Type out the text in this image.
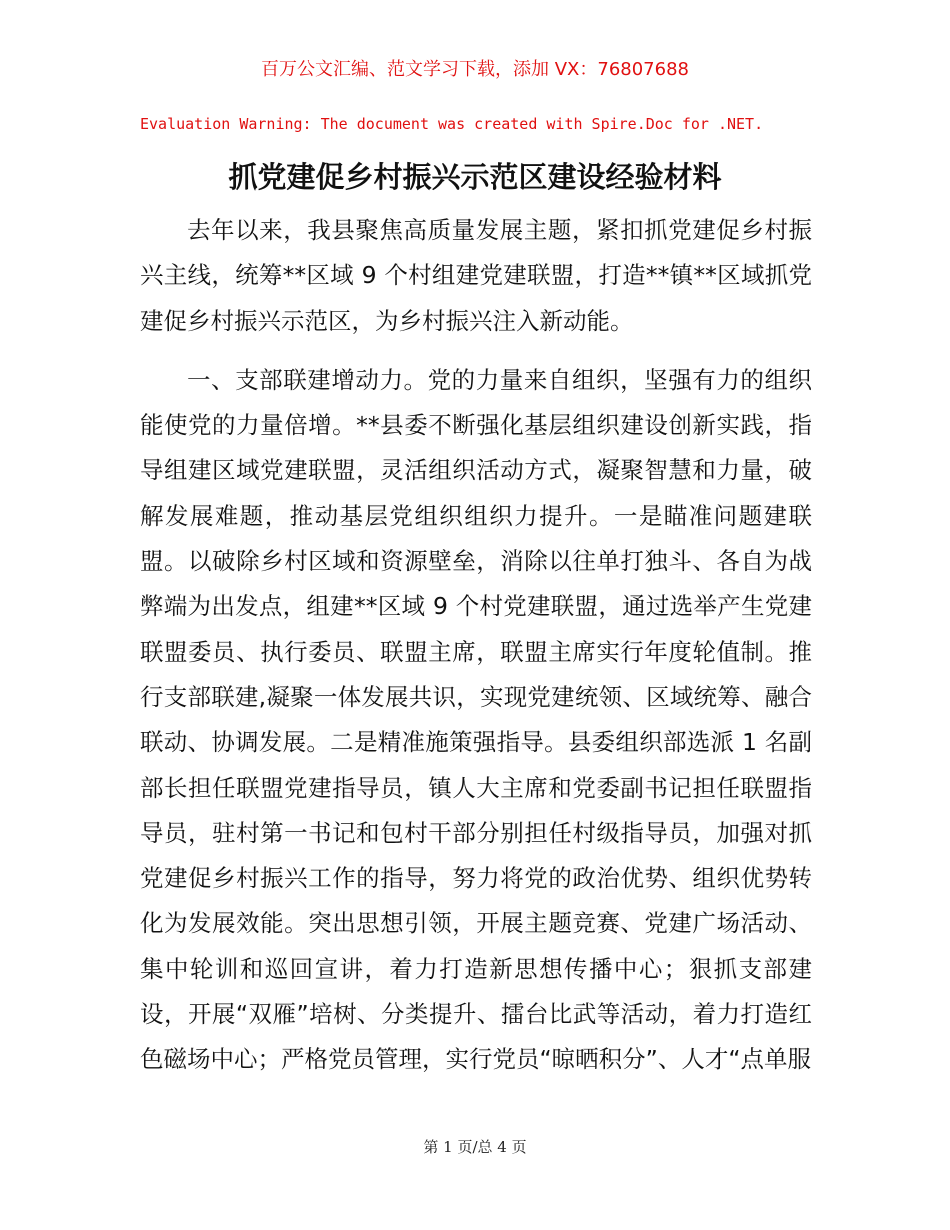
百万公文汇编、范文学习下载，添加 VX：76807688
Evaluation Warning: The document was created with Spire.Doc for .NET.
抓党建促乡村振兴示范区建设经验材料

去年以来，我县聚焦高质量发展主题，紧扣抓党建促乡村振兴主线，统筹**区域 9 个村组建党建联盟，打造**镇**区域抓党建促乡村振兴示范区，为乡村振兴注入新动能。

一、支部联建增动力。党的力量来自组织，坚强有力的组织能使党的力量倍增。**县委不断强化基层组织建设创新实践，指导组建区域党建联盟，灵活组织活动方式，凝聚智慧和力量，破解发展难题，推动基层党组织组织力提升。一是瞄准问题建联盟。以破除乡村区域和资源壁垒，消除以往单打独斗、各自为战弊端为出发点，组建**区域 9 个村党建联盟，通过选举产生党建联盟委员、执行委员、联盟主席，联盟主席实行年度轮值制。推行支部联建,凝聚一体发展共识，实现党建统领、区域统筹、融合联动、协调发展。二是精准施策强指导。县委组织部选派 1 名副部长担任联盟党建指导员，镇人大主席和党委副书记担任联盟指导员，驻村第一书记和包村干部分别担任村级指导员，加强对抓党建促乡村振兴工作的指导，努力将党的政治优势、组织优势转化为发展效能。突出思想引领，开展主题竞赛、党建广场活动、集中轮训和巡回宣讲，着力打造新思想传播中心；狠抓支部建设，开展“双雁”培树、分类提升、擂台比武等活动，着力打造红色磁场中心；严格党员管理，实行党员“晾晒积分”、人才“点单服

第 1 页/总 4 页
